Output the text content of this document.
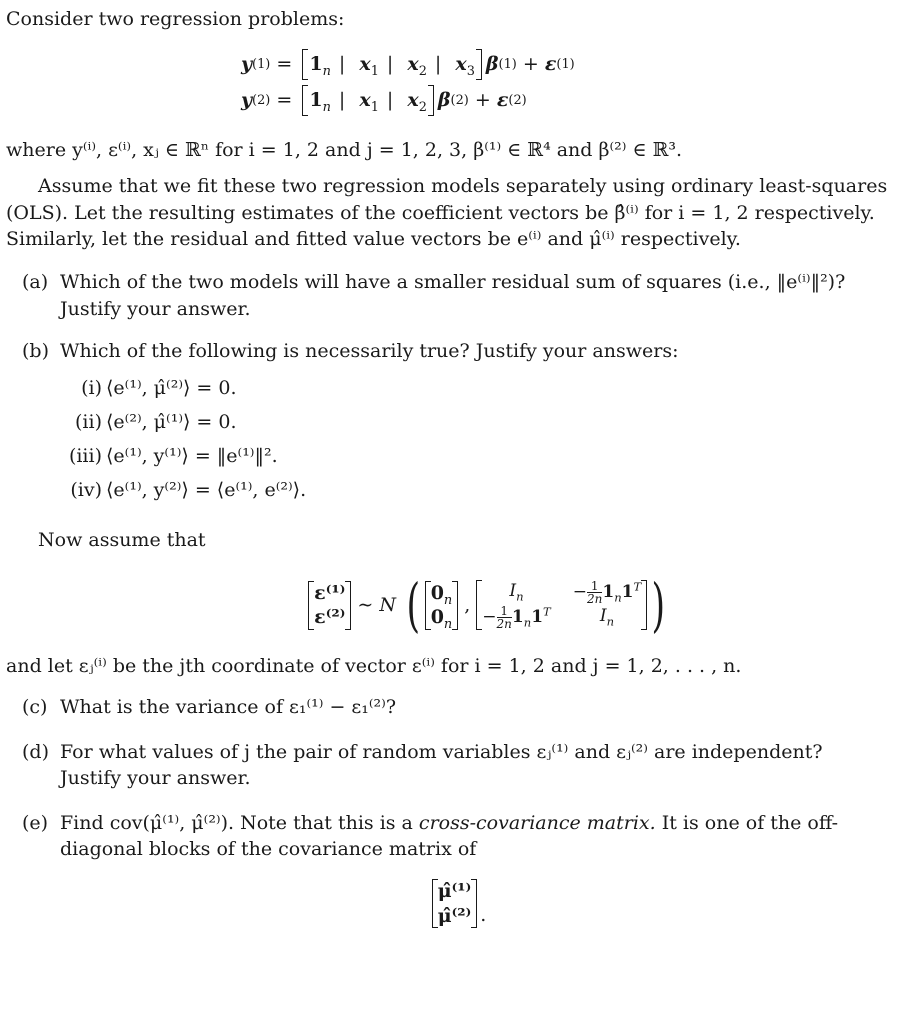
Consider two regression problems:

y (1)
=
$1_n$ | $x_1$ | $x_2$ | $x_3$ β (1)
+
ε (1)
y (2)
=
$1_n$ | $x_1$ | $x_2$ β (2)
+
ε (2)

where y⁽ⁱ⁾, ε⁽ⁱ⁾, xⱼ ∈ ℝⁿ for i = 1, 2 and j = 1, 2, 3, β⁽¹⁾ ∈ ℝ⁴ and β⁽²⁾ ∈ ℝ³.

Assume that we fit these two regression models separately using ordinary least-squares (OLS). Let the resulting estimates of the coefficient vectors be β̂⁽ⁱ⁾ for i = 1, 2 respectively. Similarly, let the residual and fitted value vectors be e⁽ⁱ⁾ and μ̂⁽ⁱ⁾ respectively.

(a) Which of the two models will have a smaller residual sum of squares (i.e., ‖e⁽ⁱ⁾‖²)? Justify your answer.

(b) Which of the following is necessarily true? Justify your answers:

(i) ⟨e⁽¹⁾, μ̂⁽²⁾⟩ = 0.
(ii) ⟨e⁽²⁾, μ̂⁽¹⁾⟩ = 0.
(iii) ⟨e⁽¹⁾, y⁽¹⁾⟩ = ‖e⁽¹⁾‖².
(iv) ⟨e⁽¹⁾, y⁽²⁾⟩ = ⟨e⁽¹⁾, e⁽²⁾⟩.

Now assume that

ε⁽¹⁾
ε⁽²⁾

∼ N
( $0_n$
$0_n$
,
$I_n$	− $\frac{1}{2n} 1_n1^T$
− $\frac{1}{2n} 1_n1^T$	$I_n$ )

and let εⱼ⁽ⁱ⁾ be the jth coordinate of vector ε⁽ⁱ⁾ for i = 1, 2 and j = 1, 2, . . . , n.

(c) What is the variance of ε₁⁽¹⁾ − ε₁⁽²⁾?

(d) For what values of j the pair of random variables εⱼ⁽¹⁾ and εⱼ⁽²⁾ are independent? Justify your answer.

(e) Find cov(μ̂⁽¹⁾, μ̂⁽²⁾). Note that this is a cross-covariance matrix. It is one of the off-diagonal blocks of the covariance matrix of

μ̂⁽¹⁾
μ̂⁽²⁾ .
